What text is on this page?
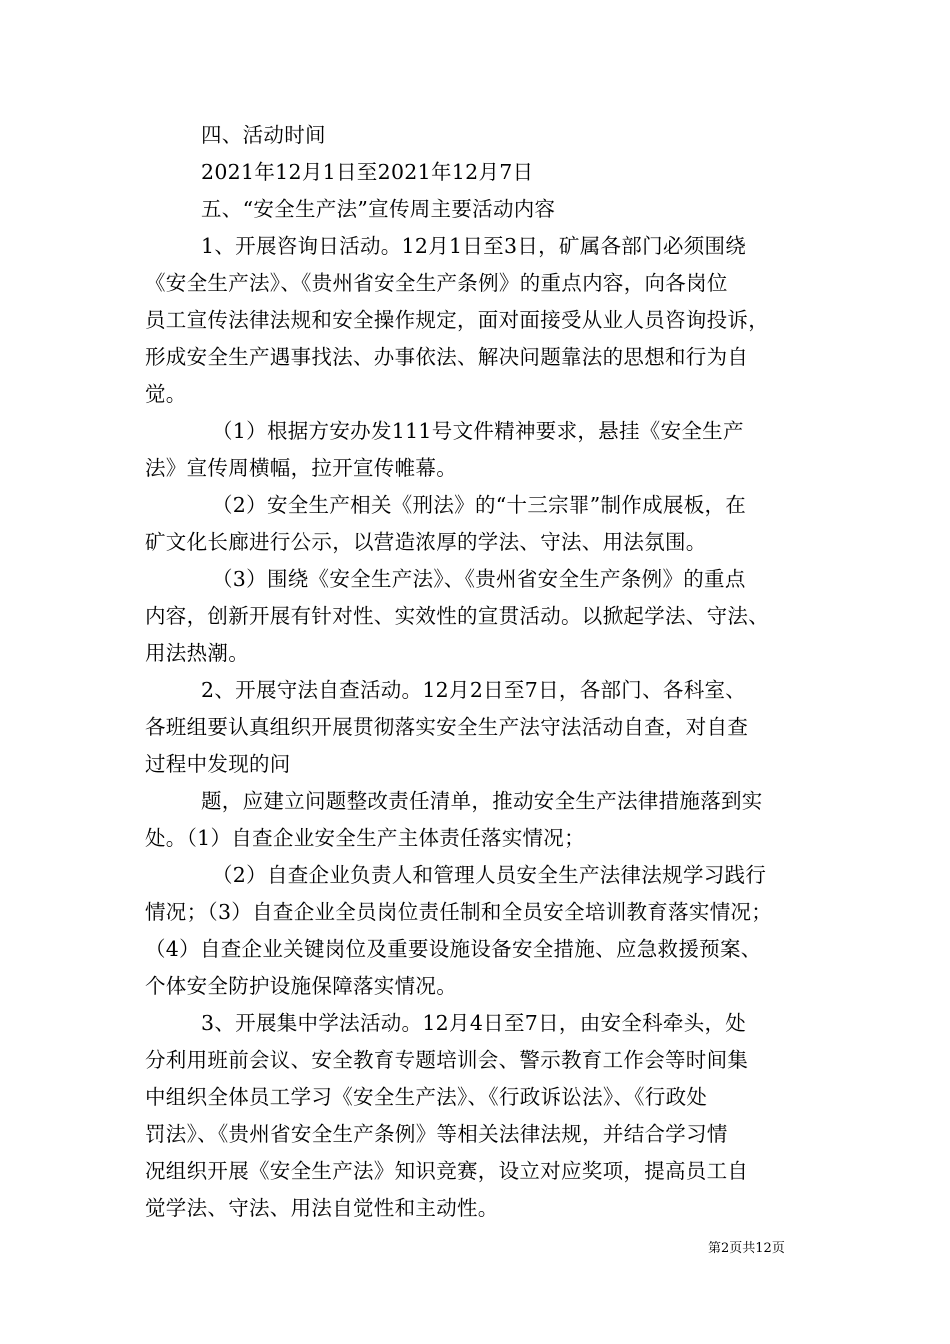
四、活动时间
2021年12月1日至2021年12月7日
五、“安全生产法”宣传周主要活动内容
1、开展咨询日活动。12月1日至3日，矿属各部门必须围绕
《安全生产法》、《贵州省安全生产条例》的重点内容，向各岗位
员工宣传法律法规和安全操作规定，面对面接受从业人员咨询投诉，
形成安全生产遇事找法、办事依法、解决问题靠法的思想和行为自
觉。
（1）根据方安办发111号文件精神要求，悬挂《安全生产
法》宣传周横幅，拉开宣传帷幕。
（2）安全生产相关《刑法》的“十三宗罪”制作成展板，在
矿文化长廊进行公示，以营造浓厚的学法、守法、用法氛围。
（3）围绕《安全生产法》、《贵州省安全生产条例》的重点
内容，创新开展有针对性、实效性的宣贯活动。以掀起学法、守法、
用法热潮。
2、开展守法自查活动。12月2日至7日，各部门、各科室、
各班组要认真组织开展贯彻落实安全生产法守法活动自查，对自查
过程中发现的问
题，应建立问题整改责任清单，推动安全生产法律措施落到实
处。（1）自查企业安全生产主体责任落实情况；
（2）自查企业负责人和管理人员安全生产法律法规学习践行
情况；（3）自查企业全员岗位责任制和全员安全培训教育落实情况；
（4）自查企业关键岗位及重要设施设备安全措施、应急救援预案、
个体安全防护设施保障落实情况。
3、开展集中学法活动。12月4日至7日，由安全科牵头，处
分利用班前会议、安全教育专题培训会、警示教育工作会等时间集
中组织全体员工学习《安全生产法》、《行政诉讼法》、《行政处
罚法》、《贵州省安全生产条例》等相关法律法规，并结合学习情
况组织开展《安全生产法》知识竞赛，设立对应奖项，提高员工自
觉学法、守法、用法自觉性和主动性。
第2页共12页
